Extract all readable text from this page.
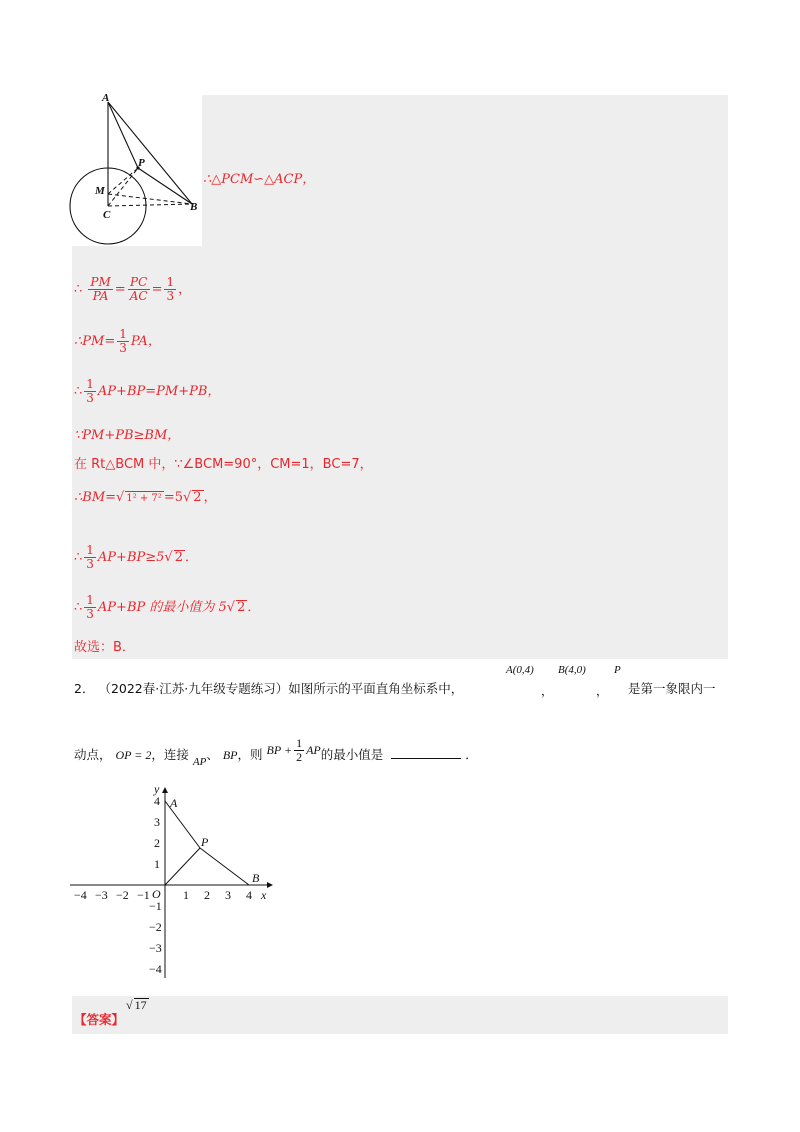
A
P
M
C
B
∴△PCM∽△ACP，
∴ $\frac{PM}{PA} = \frac{PC}{AC} = \frac{1}{3}$ ，
∴PM= $\frac{1}{3}$ PA，
∴ $\frac{1}{3} AP+BP=PM+PB$，
∵PM+PB≥BM，
在 Rt△BCM 中，∵∠BCM=90°，CM=1，BC=7，
∴BM=√ 1² + 7² =5√ 2 ，
∴ $\frac{1}{3} AP+BP\ge 5√$ 2 ．
∴ $\frac{1}{3} AP+BP$ 的最小值为 5√ 2 ．
故选：B．
2． （2022春·江苏·九年级专题练习）如图所示的平面直角坐标系中，
A(0,4)
，
B(4,0)
，
P
是第一象限内一
动点， OP = 2，连接 AP、 BP，则 BP + $\frac{1}{2}$ AP的最小值是	．
−4 −3 −2 −1	1 2 3 4
4
3
2
1
−1
−2
−3
−4
O	x
y
A
P
B
【答案】
√ 17
